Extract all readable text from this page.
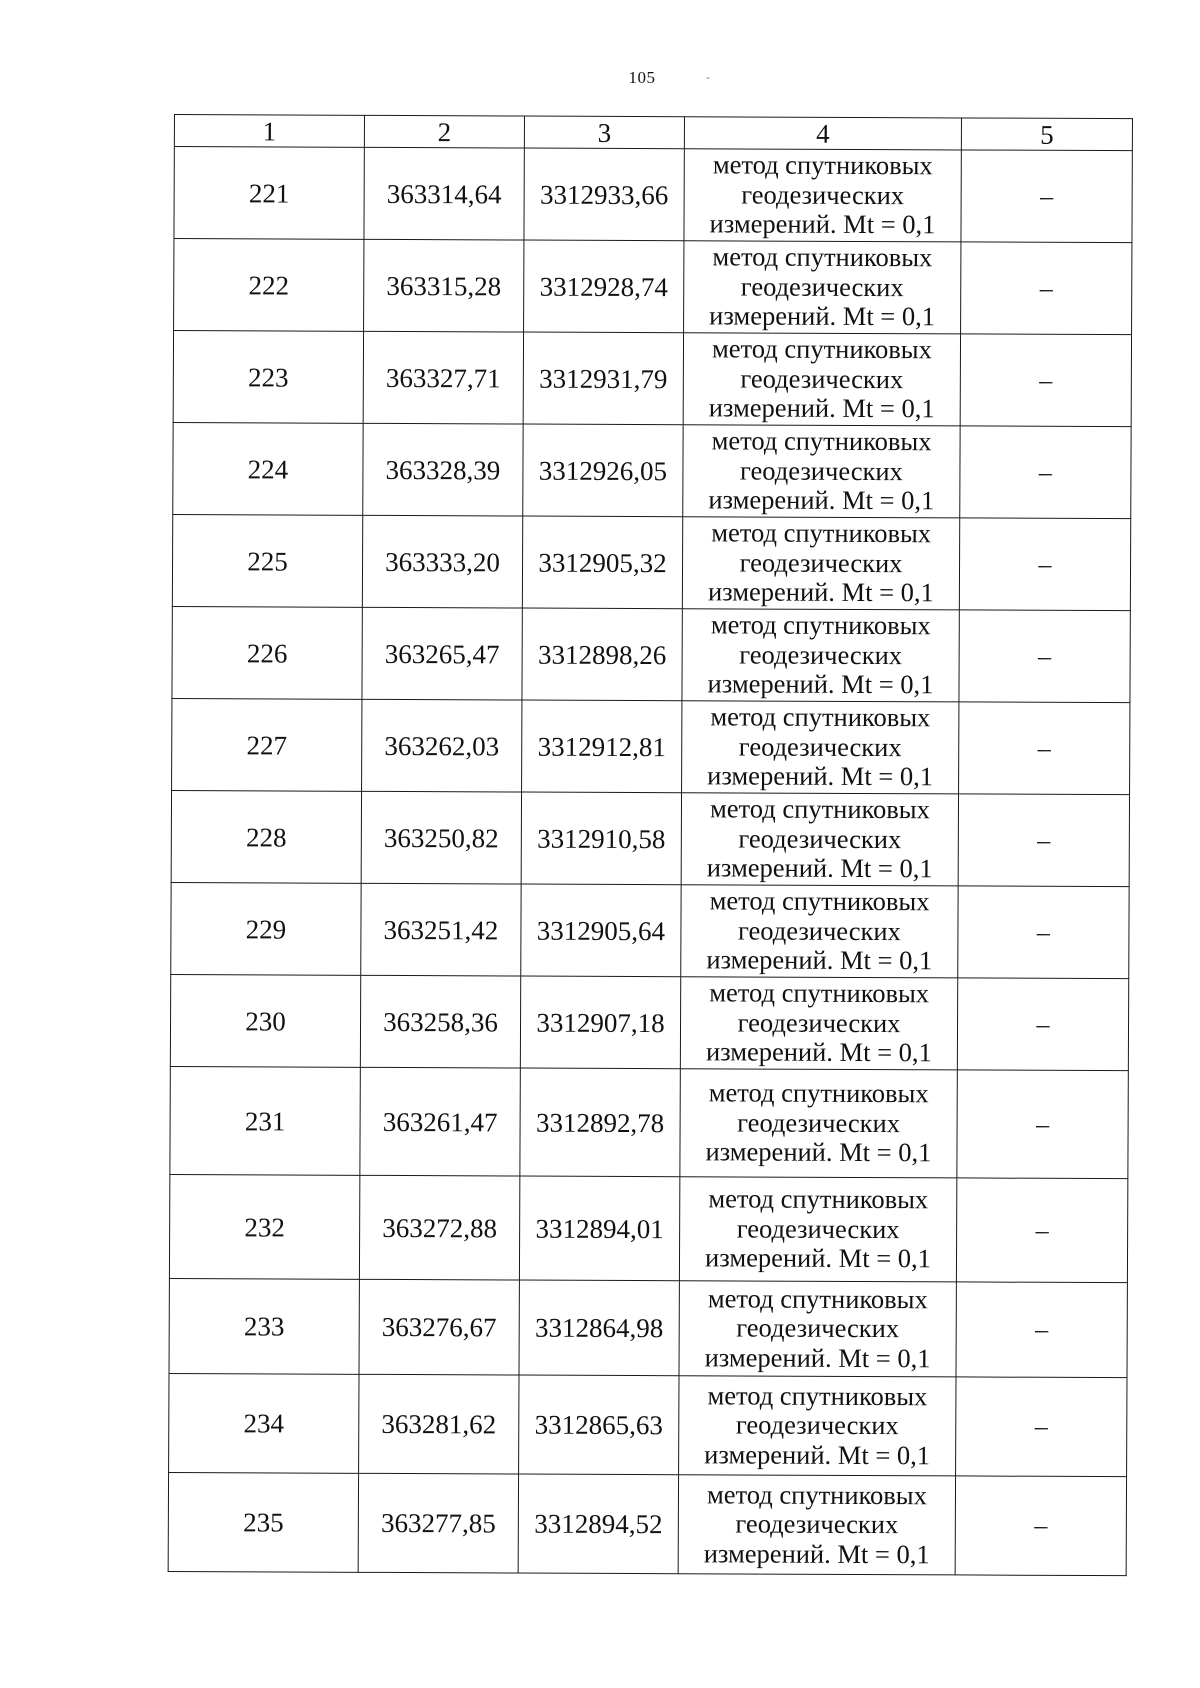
105	-
1	2	3	4	5
221	363314,64	3312933,66	метод спутниковых
геодезических
измерений. Mt = 0,1	–
222	363315,28	3312928,74	метод спутниковых
геодезических
измерений. Mt = 0,1	–
223	363327,71	3312931,79	метод спутниковых
геодезических
измерений. Mt = 0,1	–
224	363328,39	3312926,05	метод спутниковых
геодезических
измерений. Mt = 0,1	–
225	363333,20	3312905,32	метод спутниковых
геодезических
измерений. Mt = 0,1	–
226	363265,47	3312898,26	метод спутниковых
геодезических
измерений. Mt = 0,1	–
227	363262,03	3312912,81	метод спутниковых
геодезических
измерений. Mt = 0,1	–
228	363250,82	3312910,58	метод спутниковых
геодезических
измерений. Mt = 0,1	–
229	363251,42	3312905,64	метод спутниковых
геодезических
измерений. Mt = 0,1	–
230	363258,36	3312907,18	метод спутниковых
геодезических
измерений. Mt = 0,1	–
231	363261,47	3312892,78	метод спутниковых
геодезических
измерений. Mt = 0,1	–
232	363272,88	3312894,01	метод спутниковых
геодезических
измерений. Mt = 0,1	–
233	363276,67	3312864,98	метод спутниковых
геодезических
измерений. Mt = 0,1	–
234	363281,62	3312865,63	метод спутниковых
геодезических
измерений. Mt = 0,1	–
235	363277,85	3312894,52	метод спутниковых
геодезических
измерений. Mt = 0,1	–
